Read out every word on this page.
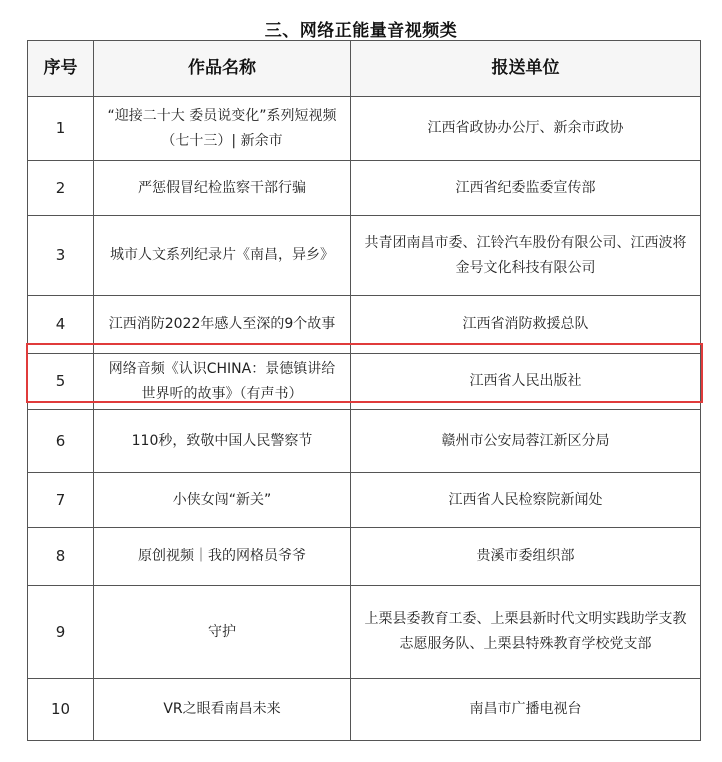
三、网络正能量音视频类
序号	作品名称	报送单位
1	“迎接二十大 委员说变化”系列短视频（七十三）| 新余市	江西省政协办公厅、新余市政协
2	严惩假冒纪检监察干部行骗	江西省纪委监委宣传部
3	城市人文系列纪录片《南昌，异乡》	共青团南昌市委、江铃汽车股份有限公司、江西波将金号文化科技有限公司
4	江西消防2022年感人至深的9个故事	江西省消防救援总队
5	网络音频《认识CHINA：景德镇讲给世界听的故事》（有声书）	江西省人民出版社
6	110秒，致敬中国人民警察节	赣州市公安局蓉江新区分局
7	小侠女闯“新关”	江西省人民检察院新闻处
8	原创视频｜我的网格员爷爷	贵溪市委组织部
9	守护	上栗县委教育工委、上栗县新时代文明实践助学支教志愿服务队、上栗县特殊教育学校党支部
10	VR之眼看南昌未来	南昌市广播电视台
